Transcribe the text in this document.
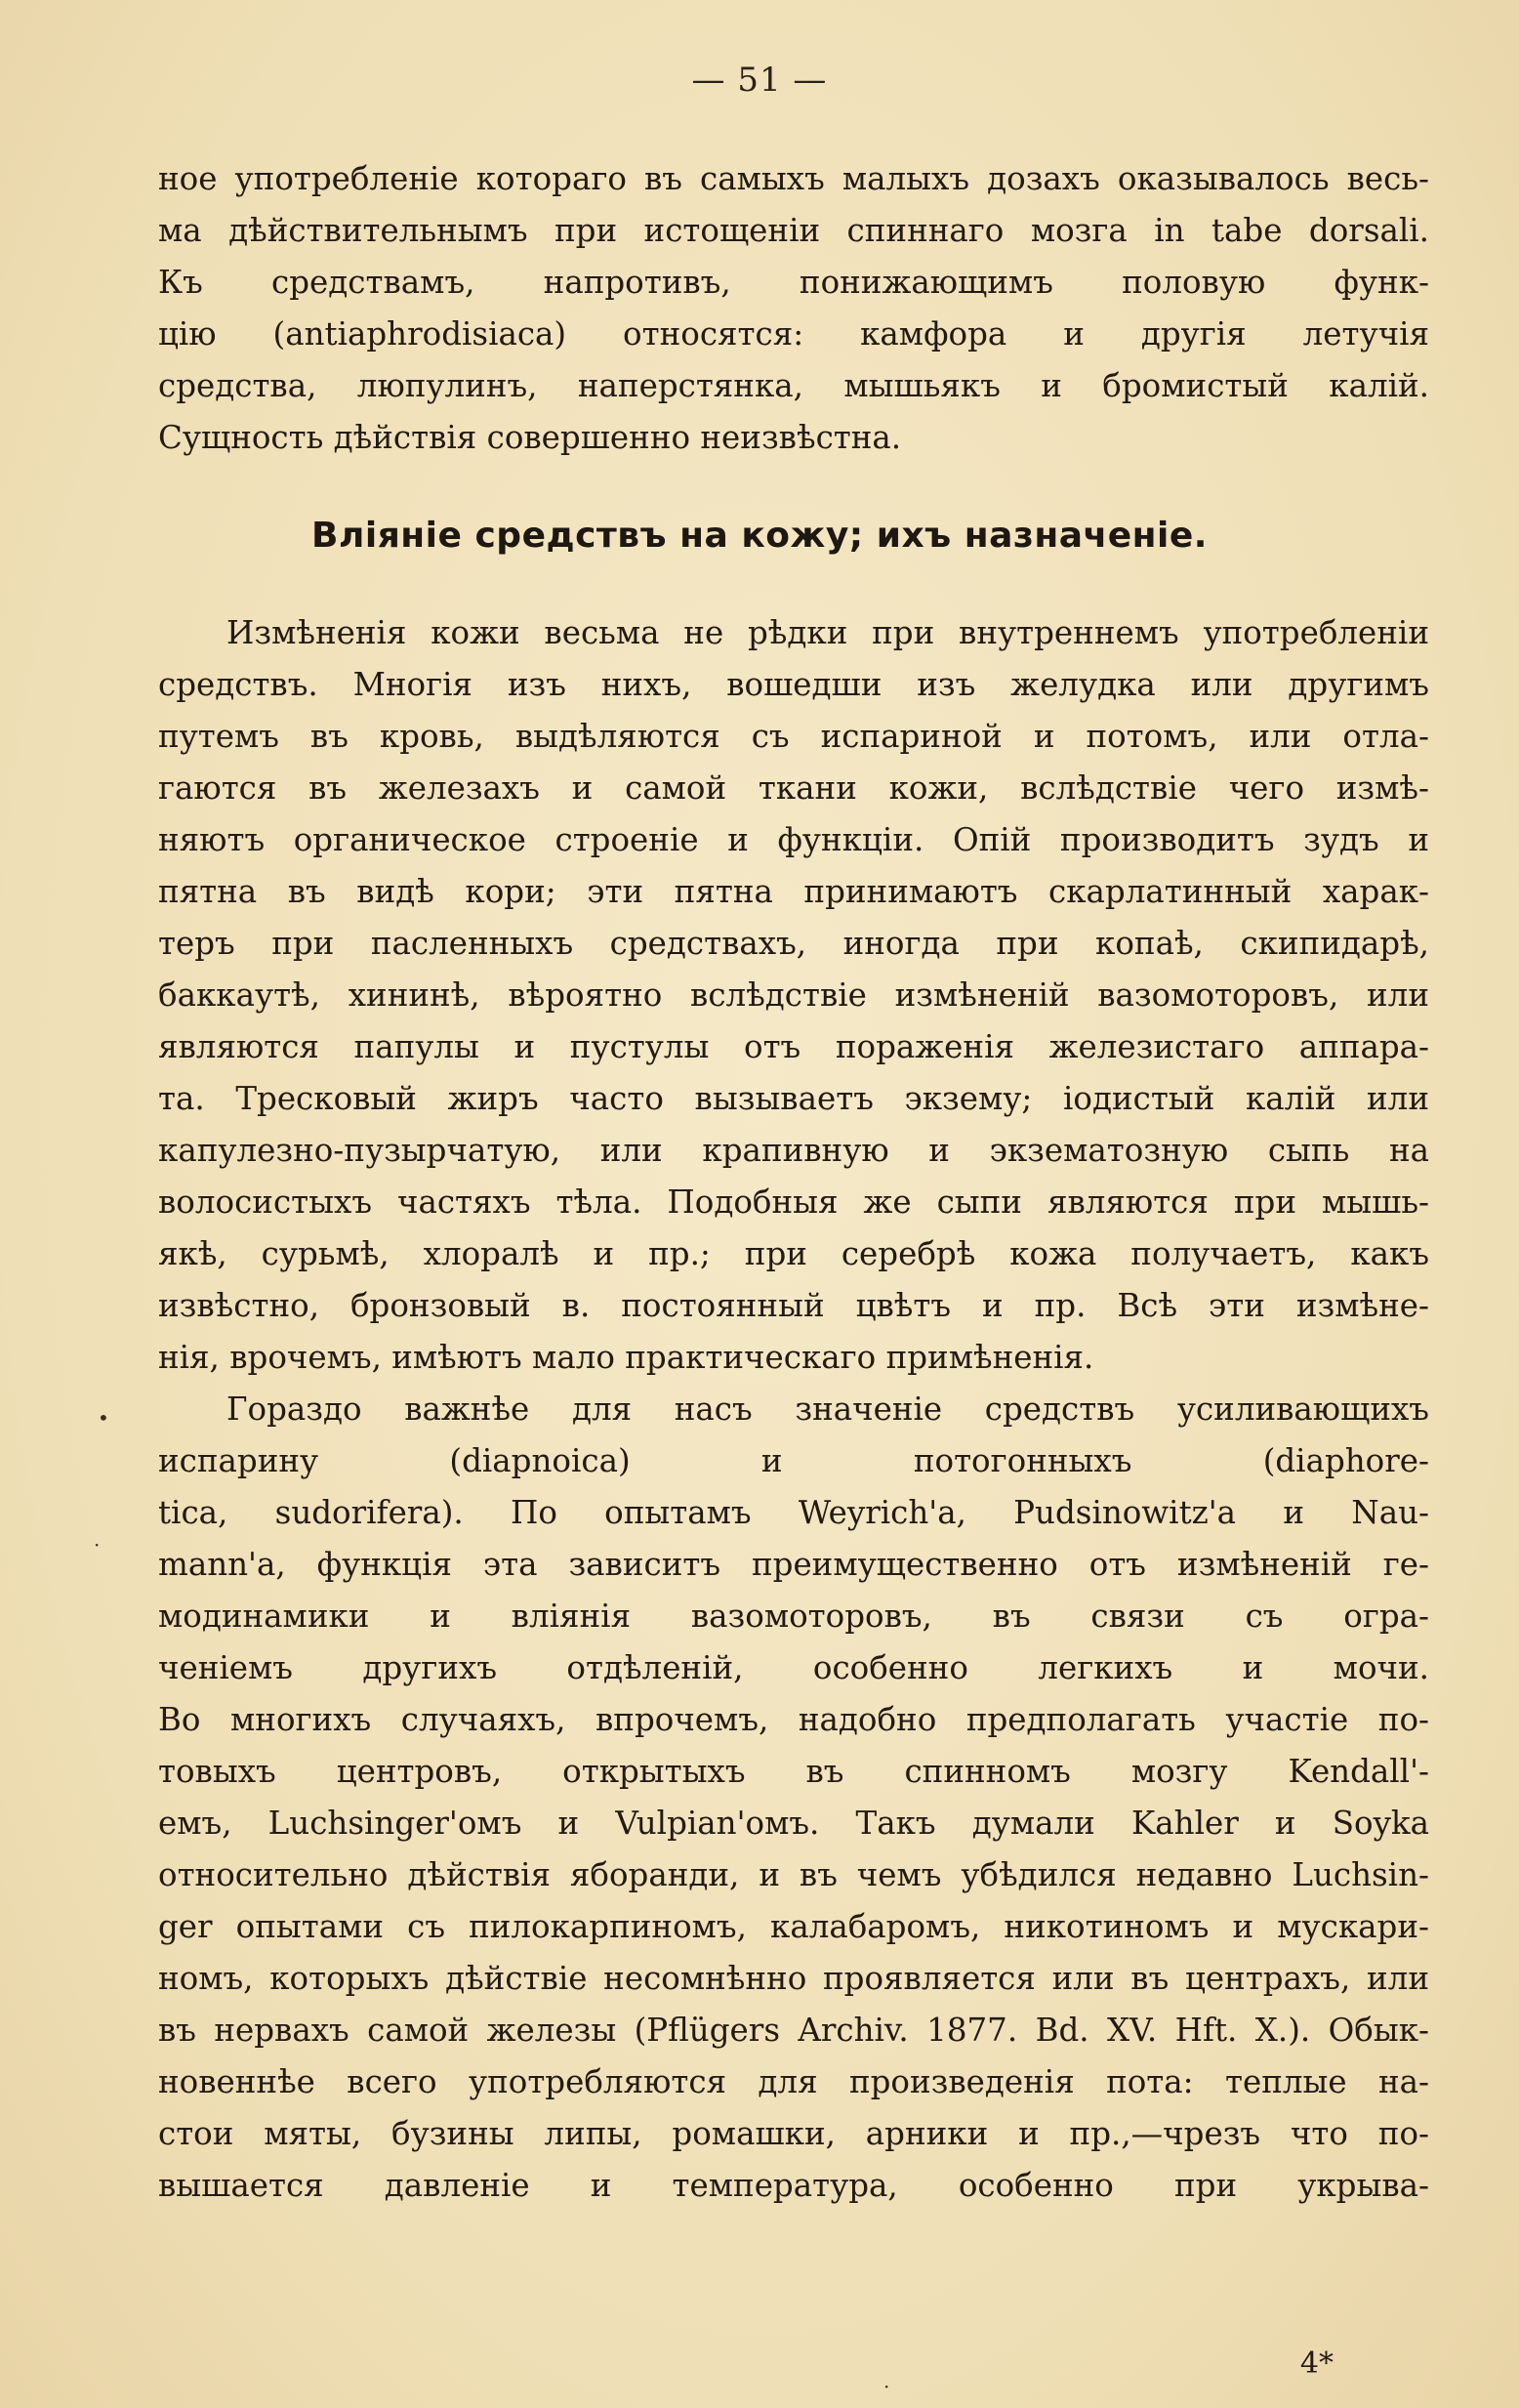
— 51 —
ное употребленіе котораго въ самыхъ малыхъ дозахъ оказывалось весь-
ма дѣйствительнымъ при истощеніи спиннаго мозга in tabe dorsali.
Къ средствамъ, напротивъ, понижающимъ половую функ-
цію (antiaphrodisiaca) относятся: камфора и другія летучія
средства, люпулинъ, наперстянка, мышьякъ и бромистый калій.
Сущность дѣйствія совершенно неизвѣстна.
Вліяніе средствъ на кожу; ихъ назначеніе.
Измѣненія кожи весьма не рѣдки при внутреннемъ употребленіи
средствъ. Многія изъ нихъ, вошедши изъ желудка или другимъ
путемъ въ кровь, выдѣляются съ испариной и потомъ, или отла-
гаются въ железахъ и самой ткани кожи, вслѣдствіе чего измѣ-
няютъ органическое строеніе и функціи. Опій производитъ зудъ и
пятна въ видѣ кори; эти пятна принимаютъ скарлатинный харак-
теръ при пасленныхъ средствахъ, иногда при копаѣ, скипидарѣ,
баккаутѣ, хининѣ, вѣроятно вслѣдствіе измѣненій вазомоторовъ, или
являются папулы и пустулы отъ пораженія железистаго аппара-
та. Тресковый жиръ часто вызываетъ экзему; іодистый калій или
капулезно-пузырчатую, или крапивную и экзематозную сыпь на
волосистыхъ частяхъ тѣла. Подобныя же сыпи являются при мышь-
якѣ, сурьмѣ, хлоралѣ и пр.; при серебрѣ кожа получаетъ, какъ
извѣстно, бронзовый в. постоянный цвѣтъ и пр. Всѣ эти измѣне-
нія, врочемъ, имѣютъ мало практическаго примѣненія.
Гораздо важнѣе для насъ значеніе средствъ усиливающихъ
испарину (diapnoica) и потогонныхъ (diaphore-
tica, sudorifera). По опытамъ Weyrich'а, Pudsinowitz'а и Nau-
mann'а, функція эта зависитъ преимущественно отъ измѣненій ге-
модинамики и вліянія вазомоторовъ, въ связи съ огра-
ченіемъ другихъ отдѣленій, особенно легкихъ и мочи.
Во многихъ случаяхъ, впрочемъ, надобно предполагать участіе по-
товыхъ центровъ, открытыхъ въ спинномъ мозгу Kendall'-
емъ, Luchsinger'омъ и Vulpian'омъ. Такъ думали Kahler и Soyka
относительно дѣйствія яборанди, и въ чемъ убѣдился недавно Luchsin-
ger опытами съ пилокарпиномъ, калабаромъ, никотиномъ и мускари-
номъ, которыхъ дѣйствіе несомнѣнно проявляется или въ центрахъ, или
въ нервахъ самой железы (Pflügers Archiv. 1877. Bd. XV. Hft. X.). Обык-
новеннѣе всего употребляются для произведенія пота: теплые на-
стои мяты, бузины липы, ромашки, арники и пр.,—чрезъ что по-
вышается давленіе и температура, особенно при укрыва-
4*
•
·
·
